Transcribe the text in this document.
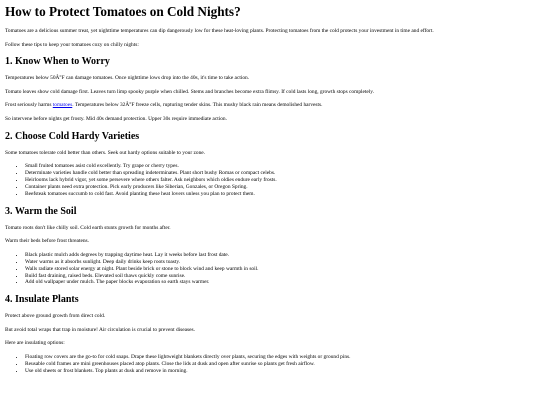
How to Protect Tomatoes on Cold Nights?

Tomatoes are a delicious summer treat, yet nighttime temperatures can dip dangerously low for these heat-loving plants. Protecting tomatoes from the cold protects your investment in time and effort.

Follow these tips to keep your tomatoes cozy on chilly nights:

1. Know When to Worry

Temperatures below 50Â°F can damage tomatoes. Once nighttime lows drop into the 40s, it's time to take action.

Tomato leaves show cold damage first. Leaves turn limp spooky purple when chilled. Stems and branches become extra flimsy. If cold lasts long, growth stops completely.

Frost seriously harms tomatoes. Temperatures below 32Â°F freeze cells, rupturing tender skins. This mushy black rain means demolished harvests.

So intervene before nights get frosty. Mid 40s demand protection. Upper 30s require immediate action.

2. Choose Cold Hardy Varieties

Some tomatoes tolerate cold better than others. Seek out hardy options suitable to your zone.

• Small fruited tomatoes asist cold excellently. Try grape or cherry types.
• Determinate varieties handle cold better than spreading indeterminates. Plant short bushy Romas or compact celebs.
• Heirlooms lack hybrid vigor, yet some persevere where others falter. Ask neighbors which oldies endure early frosts.
• Container plants need extra protection. Pick early producers like Siberian, Gonzales, or Oregon Spring.
• Beefsteak tomatoes succumb to cold fast. Avoid planting these heat lovers unless you plan to protect them.
3. Warm the Soil

Tomato roots don't like chilly soil. Cold earth stunts growth for months after.

Warm their beds before frost threatens.

• Black plastic mulch adds degrees by trapping daytime heat. Lay it weeks before last frost date.
• Water warms as it absorbs sunlight. Deep daily drinks keep roots toasty.
• Walls radiate stored solar energy at night. Plant beside brick or stone to block wind and keep warmth in soil.
• Build fast draining, raised beds. Elevated soil thaws quickly come sunrise.
• Add old wallpaper under mulch. The paper blocks evaporation so earth stays warmer.
4. Insulate Plants

Protect above ground growth from direct cold.

But avoid total wraps that trap in moisture! Air circulation is crucial to prevent diseases.

Here are insulating options:

• Floating row covers are the go-to for cold snaps. Drape these lightweight blankets directly over plants, securing the edges with weights or ground pins.
• Reusable cold frames are mini greenhouses placed atop plants. Close the lids at dusk and open after sunrise so plants get fresh airflow.
• Use old sheets or frost blankets. Top plants at dusk and remove in morning.
